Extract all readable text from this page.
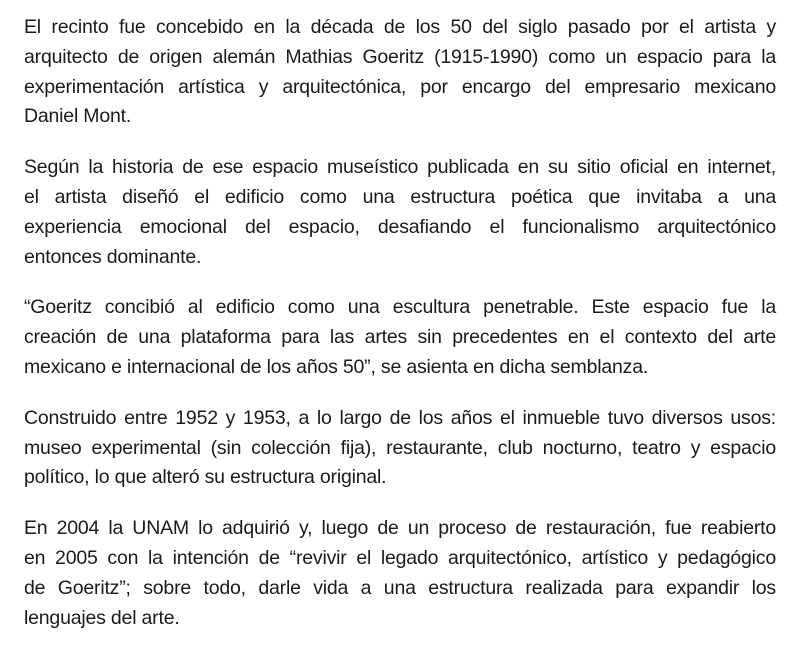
El recinto fue concebido en la década de los 50 del siglo pasado por el artista y
arquitecto de origen alemán Mathias Goeritz (1915-1990) como un espacio para la
experimentación artística y arquitectónica, por encargo del empresario mexicano
Daniel Mont.

Según la historia de ese espacio museístico publicada en su sitio oficial en internet,
el artista diseñó el edificio como una estructura poética que invitaba a una
experiencia emocional del espacio, desafiando el funcionalismo arquitectónico
entonces dominante.

“Goeritz concibió al edificio como una escultura penetrable. Este espacio fue la
creación de una plataforma para las artes sin precedentes en el contexto del arte
mexicano e internacional de los años 50”, se asienta en dicha semblanza.

Construido entre 1952 y 1953, a lo largo de los años el inmueble tuvo diversos usos:
museo experimental (sin colección fija), restaurante, club nocturno, teatro y espacio
político, lo que alteró su estructura original.

En 2004 la UNAM lo adquirió y, luego de un proceso de restauración, fue reabierto
en 2005 con la intención de “revivir el legado arquitectónico, artístico y pedagógico
de Goeritz”; sobre todo, darle vida a una estructura realizada para expandir los
lenguajes del arte.
